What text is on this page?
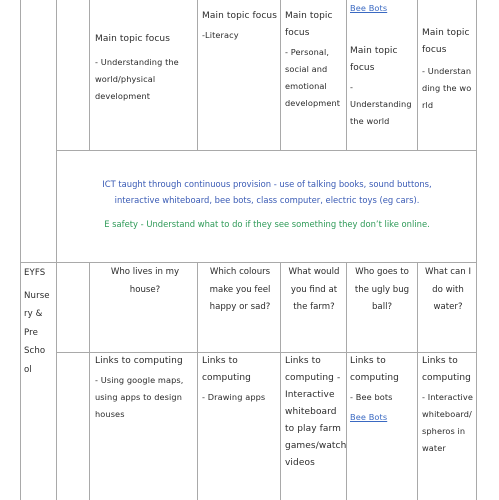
Main topic focus
- Understanding the world/physical development
Main topic focus
-Literacy
Main topic focus
- Personal, social and emotional development
Bee Bots
Main topic focus
- Understanding the world
Main topic focus
- Understanding the world
ICT taught through continuous provision - use of talking books, sound buttons,
interactive whiteboard, bee bots, class computer, electric toys (eg cars).
E safety - Understand what to do if they see something they don’t like online.
EYFS
Nurse
ry &
Pre
Scho
ol
Who lives in my house?
Which colours make you feel happy or sad?
What would you find at the farm?
Who goes to the ugly bug ball?
What can I do with water?
Links to computing
- Using google maps, using apps to design houses
Links to computing
- Drawing apps
Links to computing - Interactive whiteboard to play farm games/watch videos
Links to computing
- Bee bots
Bee Bots
Links to computing
- Interactive whiteboard/ spheros in water
